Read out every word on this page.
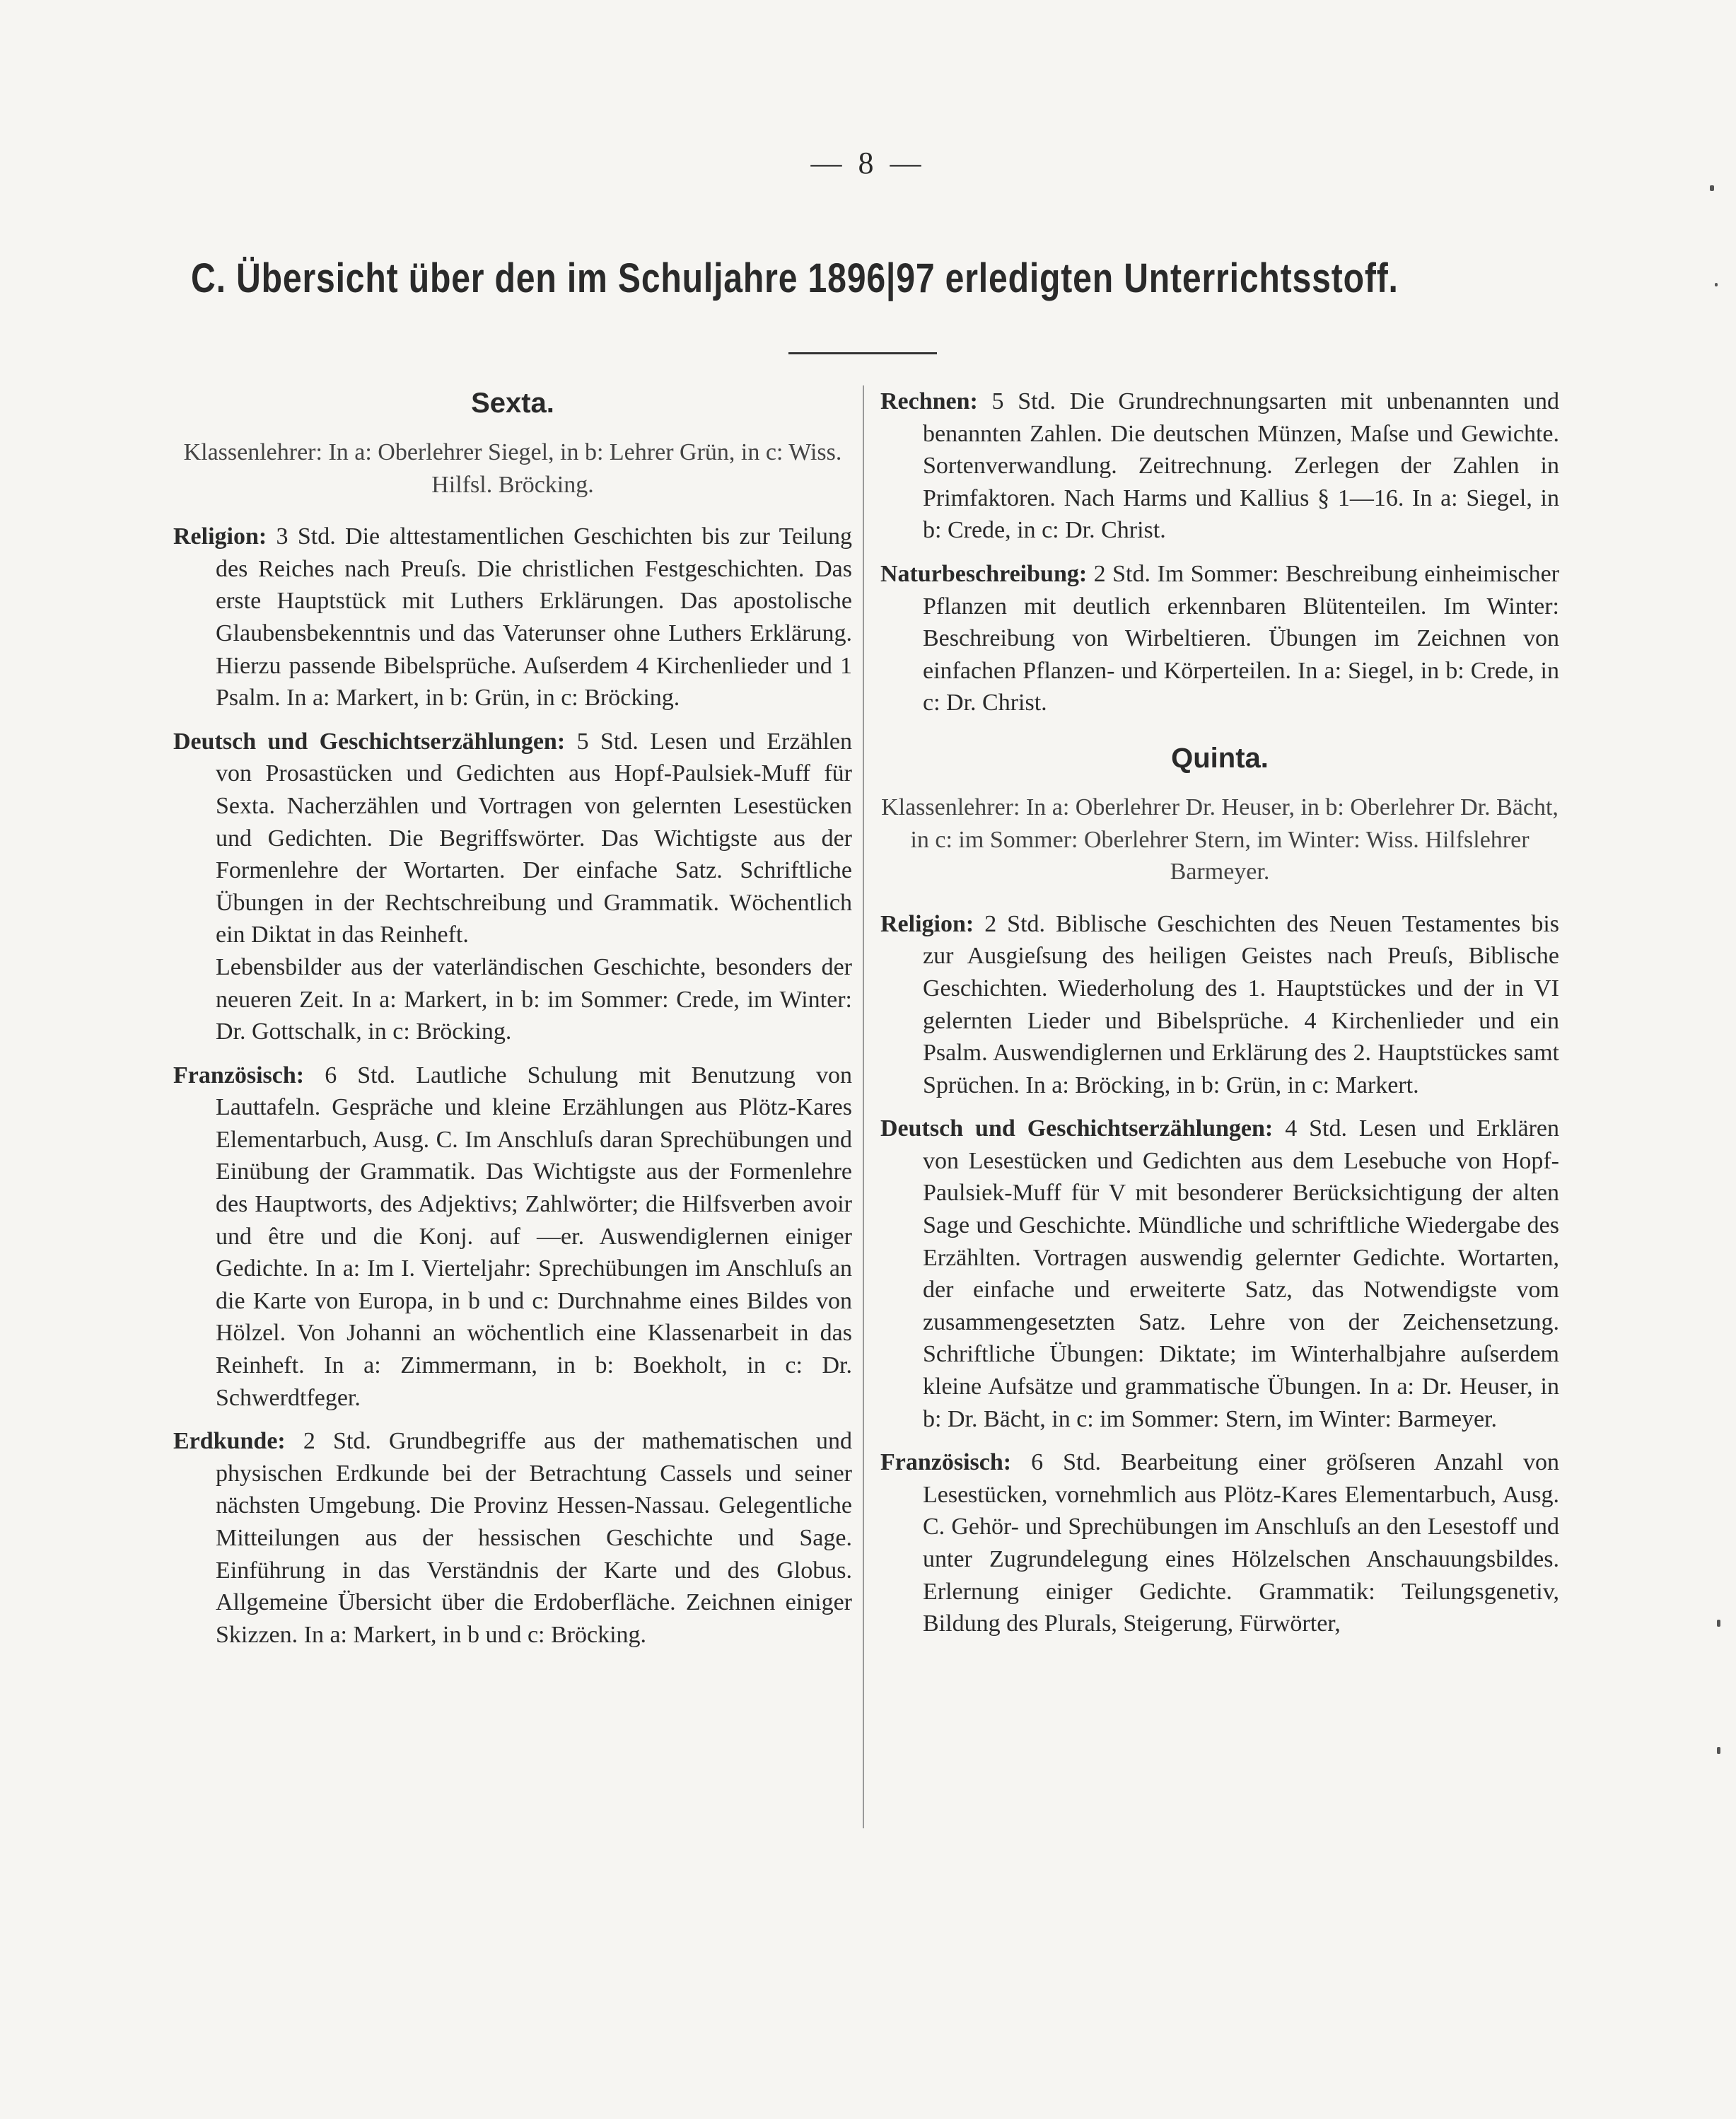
— 8 —
C. Übersicht über den im Schuljahre 1896|97 erledigten Unterrichtsstoff.
Sexta.
Klassenlehrer: In a: Oberlehrer Siegel, in b: Lehrer Grün, in c: Wiss. Hilfsl. Bröcking.
Religion: 3 Std. Die alttestamentlichen Geschichten bis zur Teilung des Reiches nach Preuſs. Die christlichen Festgeschichten. Das erste Hauptstück mit Luthers Erklärungen. Das apostolische Glaubensbekenntnis und das Vaterunser ohne Luthers Erklärung. Hierzu passende Bibelsprüche. Auſserdem 4 Kirchenlieder und 1 Psalm. In a: Markert, in b: Grün, in c: Bröcking.
Deutsch und Geschichtserzählungen: 5 Std. Lesen und Erzählen von Prosastücken und Gedichten aus Hopf-Paulsiek-Muff für Sexta. Nacherzählen und Vortragen von gelernten Lesestücken und Gedichten. Die Begriffswörter. Das Wichtigste aus der Formenlehre der Wortarten. Der einfache Satz. Schriftliche Übungen in der Rechtschreibung und Grammatik. Wöchentlich ein Diktat in das Reinheft.
Lebensbilder aus der vaterländischen Geschichte, besonders der neueren Zeit. In a: Markert, in b: im Sommer: Crede, im Winter: Dr. Gottschalk, in c: Bröcking.
Französisch: 6 Std. Lautliche Schulung mit Benutzung von Lauttafeln. Gespräche und kleine Erzählungen aus Plötz-Kares Elementarbuch, Ausg. C. Im Anschluſs daran Sprechübungen und Einübung der Grammatik. Das Wichtigste aus der Formenlehre des Hauptworts, des Adjektivs; Zahlwörter; die Hilfsverben avoir und être und die Konj. auf —er. Auswendiglernen einiger Gedichte. In a: Im I. Vierteljahr: Sprechübungen im Anschluſs an die Karte von Europa, in b und c: Durchnahme eines Bildes von Hölzel. Von Johanni an wöchentlich eine Klassenarbeit in das Reinheft. In a: Zimmermann, in b: Boekholt, in c: Dr. Schwerdtfeger.
Erdkunde: 2 Std. Grundbegriffe aus der mathematischen und physischen Erdkunde bei der Betrachtung Cassels und seiner nächsten Umgebung. Die Provinz Hessen-Nassau. Gelegentliche Mitteilungen aus der hessischen Geschichte und Sage. Einführung in das Verständnis der Karte und des Globus. Allgemeine Übersicht über die Erdoberfläche. Zeichnen einiger Skizzen. In a: Markert, in b und c: Bröcking.
Rechnen: 5 Std. Die Grundrechnungsarten mit unbenannten und benannten Zahlen. Die deutschen Münzen, Maſse und Gewichte. Sortenverwandlung. Zeitrechnung. Zerlegen der Zahlen in Primfaktoren. Nach Harms und Kallius § 1—16. In a: Siegel, in b: Crede, in c: Dr. Christ.
Naturbeschreibung: 2 Std. Im Sommer: Beschreibung einheimischer Pflanzen mit deutlich erkennbaren Blütenteilen. Im Winter: Beschreibung von Wirbeltieren. Übungen im Zeichnen von einfachen Pflanzen- und Körperteilen. In a: Siegel, in b: Crede, in c: Dr. Christ.
Quinta.
Klassenlehrer: In a: Oberlehrer Dr. Heuser, in b: Oberlehrer Dr. Bächt, in c: im Sommer: Oberlehrer Stern, im Winter: Wiss. Hilfslehrer Barmeyer.
Religion: 2 Std. Biblische Geschichten des Neuen Testamentes bis zur Ausgieſsung des heiligen Geistes nach Preuſs, Biblische Geschichten. Wiederholung des 1. Hauptstückes und der in VI gelernten Lieder und Bibelsprüche. 4 Kirchenlieder und ein Psalm. Auswendiglernen und Erklärung des 2. Hauptstückes samt Sprüchen. In a: Bröcking, in b: Grün, in c: Markert.
Deutsch und Geschichtserzählungen: 4 Std. Lesen und Erklären von Lesestücken und Gedichten aus dem Lesebuche von Hopf-Paulsiek-Muff für V mit besonderer Berücksichtigung der alten Sage und Geschichte. Mündliche und schriftliche Wiedergabe des Erzählten. Vortragen auswendig gelernter Gedichte. Wortarten, der einfache und erweiterte Satz, das Notwendigste vom zusammengesetzten Satz. Lehre von der Zeichensetzung. Schriftliche Übungen: Diktate; im Winterhalbjahre auſserdem kleine Aufsätze und grammatische Übungen. In a: Dr. Heuser, in b: Dr. Bächt, in c: im Sommer: Stern, im Winter: Barmeyer.
Französisch: 6 Std. Bearbeitung einer gröſseren Anzahl von Lesestücken, vornehmlich aus Plötz-Kares Elementarbuch, Ausg. C. Gehör- und Sprechübungen im Anschluſs an den Lesestoff und unter Zugrundelegung eines Hölzelschen Anschauungsbildes. Erlernung einiger Gedichte. Grammatik: Teilungsgenetiv, Bildung des Plurals, Steigerung, Fürwörter,
